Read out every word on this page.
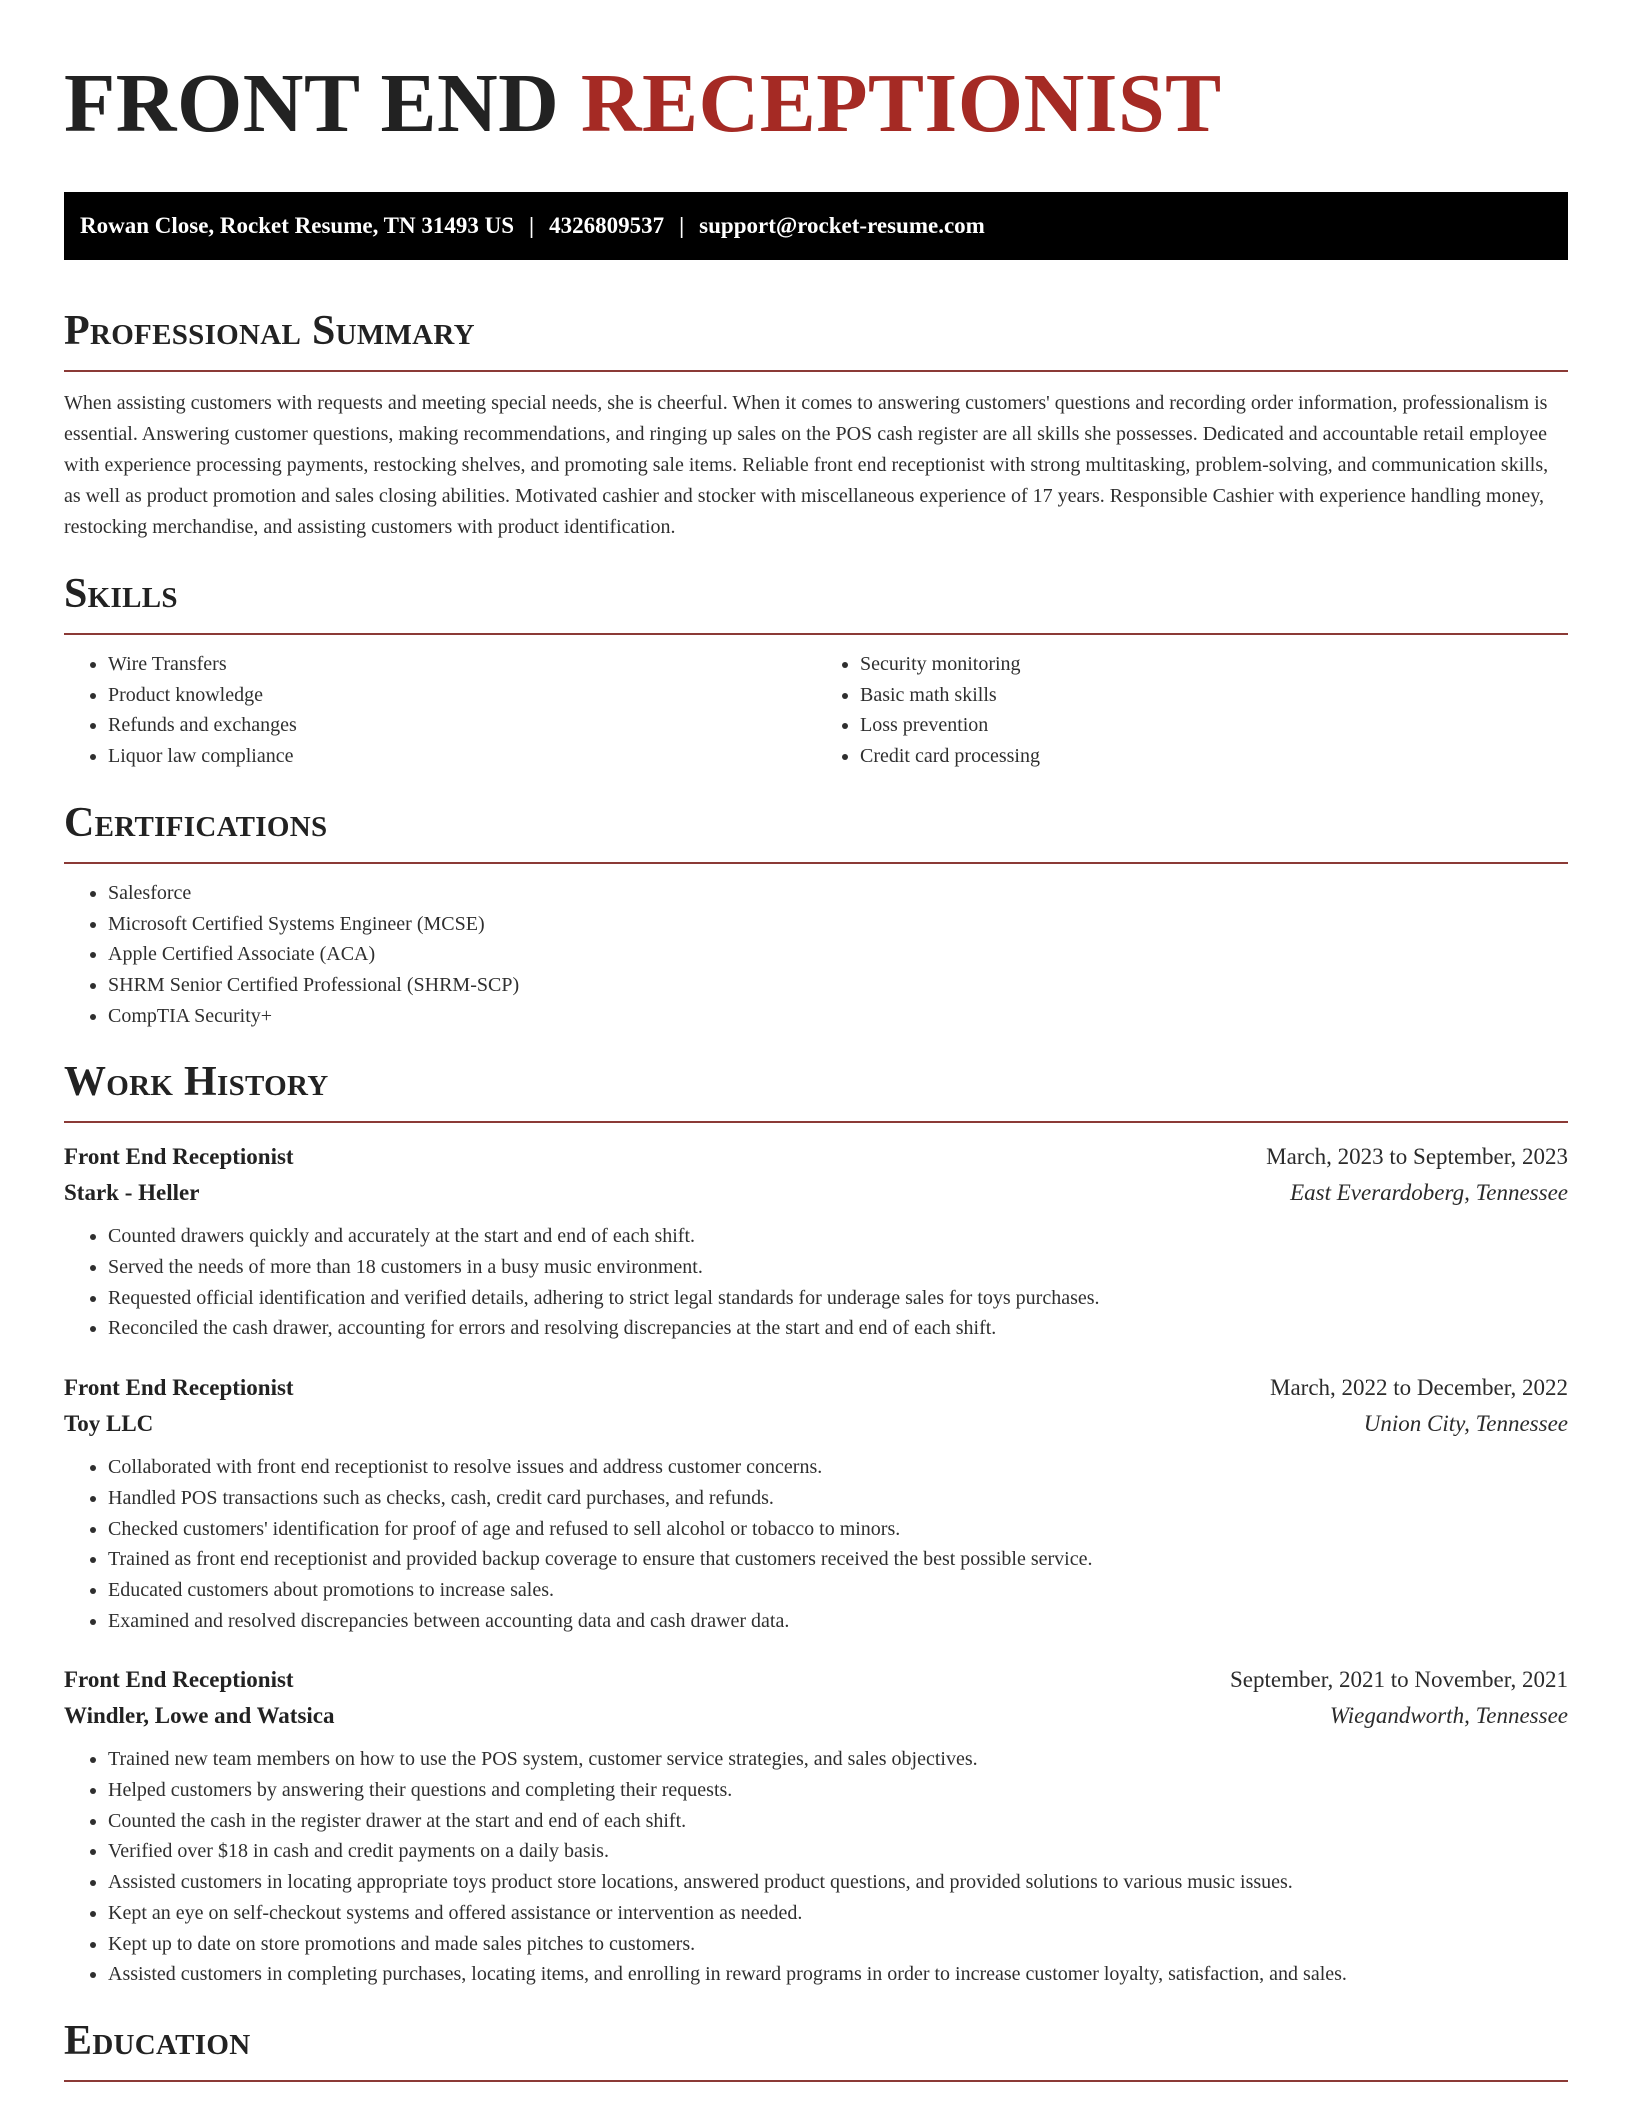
FRONT END RECEPTIONIST
Rowan Close, Rocket Resume, TN 31493 US | 4326809537 | support@rocket-resume.com
Professional Summary

When assisting customers with requests and meeting special needs, she is cheerful. When it comes to answering customers' questions and recording order information, professionalism is essential. Answering customer questions, making recommendations, and ringing up sales on the POS cash register are all skills she possesses. Dedicated and accountable retail employee with experience processing payments, restocking shelves, and promoting sale items. Reliable front end receptionist with strong multitasking, problem-solving, and communication skills, as well as product promotion and sales closing abilities. Motivated cashier and stocker with miscellaneous experience of 17 years. Responsible Cashier with experience handling money, restocking merchandise, and assisting customers with product identification.

Skills
• Wire Transfers
• Product knowledge
• Refunds and exchanges
• Liquor law compliance
• Security monitoring
• Basic math skills
• Loss prevention
• Credit card processing
Certifications
• Salesforce
• Microsoft Certified Systems Engineer (MCSE)
• Apple Certified Associate (ACA)
• SHRM Senior Certified Professional (SHRM-SCP)
• CompTIA Security+
Work History
Front End Receptionist	March, 2023 to September, 2023
Stark - Heller	East Everardoberg, Tennessee
• Counted drawers quickly and accurately at the start and end of each shift.
• Served the needs of more than 18 customers in a busy music environment.
• Requested official identification and verified details, adhering to strict legal standards for underage sales for toys purchases.
• Reconciled the cash drawer, accounting for errors and resolving discrepancies at the start and end of each shift.
Front End Receptionist	March, 2022 to December, 2022
Toy LLC	Union City, Tennessee
• Collaborated with front end receptionist to resolve issues and address customer concerns.
• Handled POS transactions such as checks, cash, credit card purchases, and refunds.
• Checked customers' identification for proof of age and refused to sell alcohol or tobacco to minors.
• Trained as front end receptionist and provided backup coverage to ensure that customers received the best possible service.
• Educated customers about promotions to increase sales.
• Examined and resolved discrepancies between accounting data and cash drawer data.
Front End Receptionist	September, 2021 to November, 2021
Windler, Lowe and Watsica	Wiegandworth, Tennessee
• Trained new team members on how to use the POS system, customer service strategies, and sales objectives.
• Helped customers by answering their questions and completing their requests.
• Counted the cash in the register drawer at the start and end of each shift.
• Verified over $18 in cash and credit payments on a daily basis.
• Assisted customers in locating appropriate toys product store locations, answered product questions, and provided solutions to various music issues.
• Kept an eye on self-checkout systems and offered assistance or intervention as needed.
• Kept up to date on store promotions and made sales pitches to customers.
• Assisted customers in completing purchases, locating items, and enrolling in reward programs in order to increase customer loyalty, satisfaction, and sales.
Education
